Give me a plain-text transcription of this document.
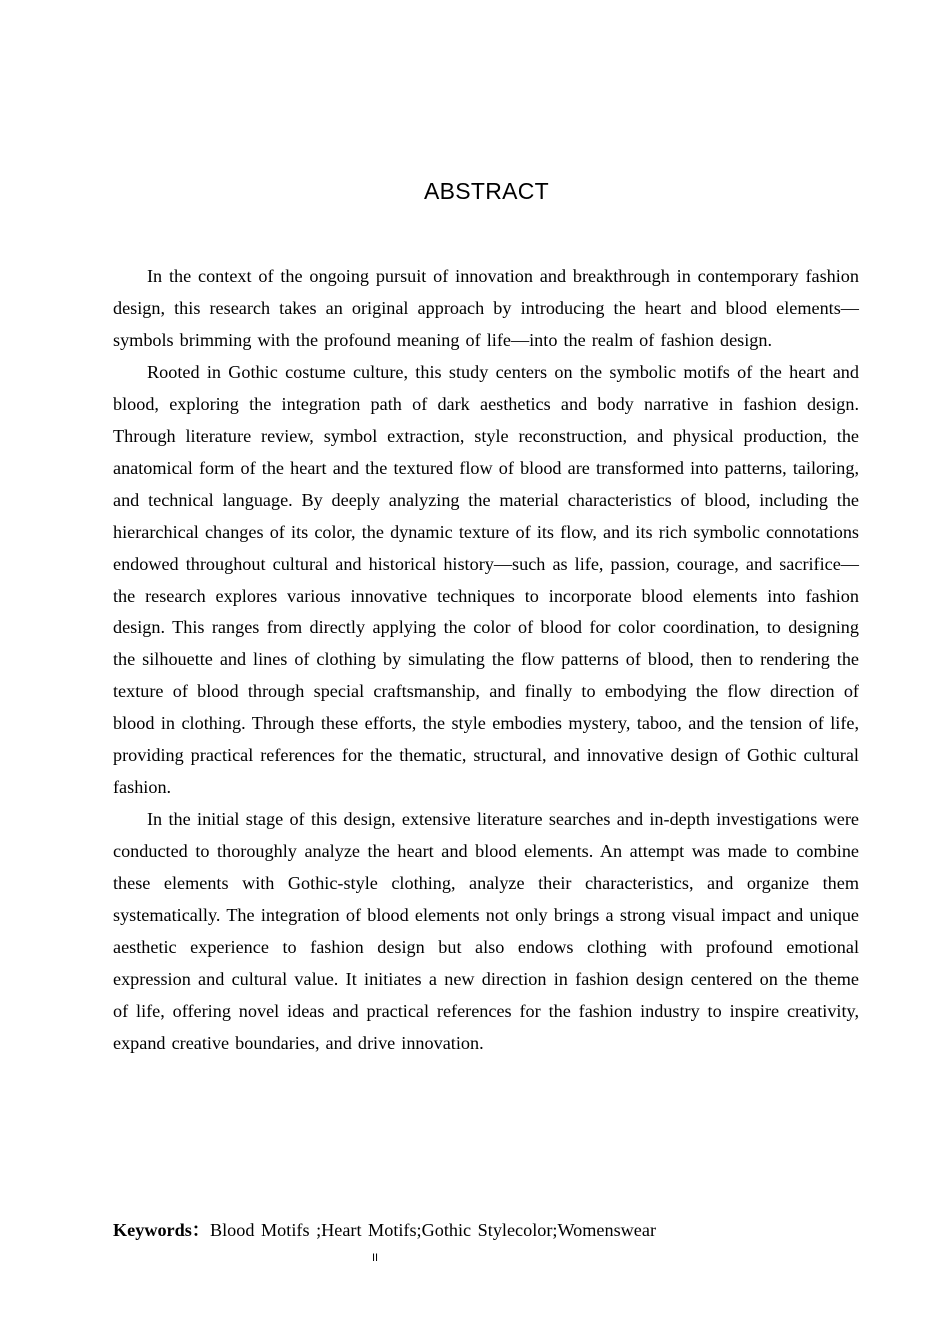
ABSTRACT

In the context of the ongoing pursuit of innovation and breakthrough in contemporary fashion design, this research takes an original approach by introducing the heart and blood elements—symbols brimming with the profound meaning of life—into the realm of fashion design.

Rooted in Gothic costume culture, this study centers on the symbolic motifs of the heart and blood, exploring the integration path of dark aesthetics and body narrative in fashion design. Through literature review, symbol extraction, style reconstruction, and physical production, the anatomical form of the heart and the textured flow of blood are transformed into patterns, tailoring, and technical language. By deeply analyzing the material characteristics of blood, including the hierarchical changes of its color, the dynamic texture of its flow, and its rich symbolic connotations endowed throughout cultural and historical history—such as life, passion, courage, and sacrifice—the research explores various innovative techniques to incorporate blood elements into fashion design. This ranges from directly applying the color of blood for color coordination, to designing the silhouette and lines of clothing by simulating the flow patterns of blood, then to rendering the texture of blood through special craftsmanship, and finally to embodying the flow direction of blood in clothing. Through these efforts, the style embodies mystery, taboo, and the tension of life, providing practical references for the thematic, structural, and innovative design of Gothic cultural fashion.

In the initial stage of this design, extensive literature searches and in-depth investigations were conducted to thoroughly analyze the heart and blood elements. An attempt was made to combine these elements with Gothic-style clothing, analyze their characteristics, and organize them systematically. The integration of blood elements not only brings a strong visual impact and unique aesthetic experience to fashion design but also endows clothing with profound emotional expression and cultural value. It initiates a new direction in fashion design centered on the theme of life, offering novel ideas and practical references for the fashion industry to inspire creativity, expand creative boundaries, and drive innovation.

Keywords：Blood Motifs ;Heart Motifs;Gothic Stylecolor;Womenswear
II
